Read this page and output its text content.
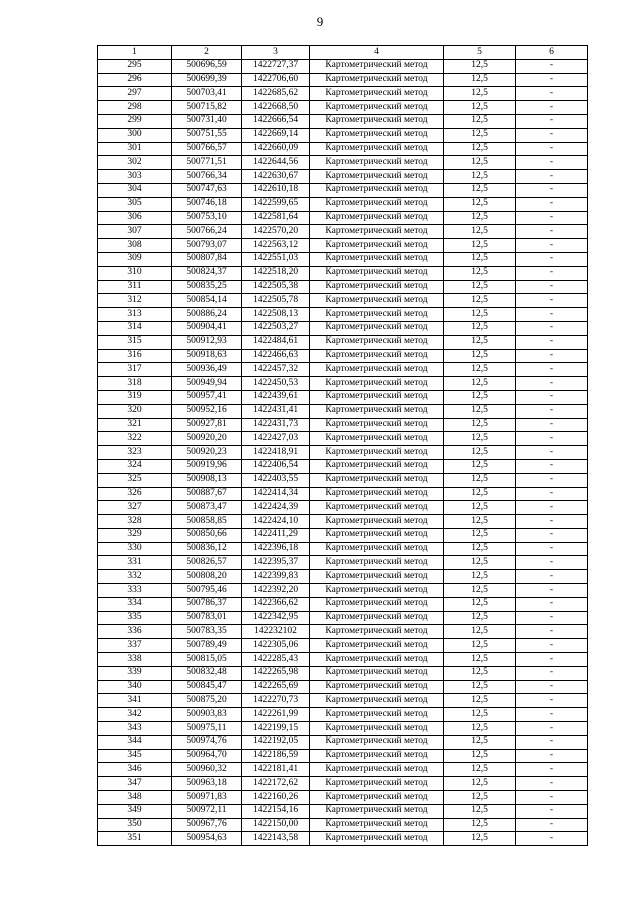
9
1	2	3	4	5	6
295	500696,59	1422727,37	Картометрический метод	12,5	-
296	500699,39	1422706,60	Картометрический метод	12,5	-
297	500703,41	1422685,62	Картометрический метод	12,5	-
298	500715,82	1422668,50	Картометрический метод	12,5	-
299	500731,40	1422666,54	Картометрический метод	12,5	-
300	500751,55	1422669,14	Картометрический метод	12,5	-
301	500766,57	1422660,09	Картометрический метод	12,5	-
302	500771,51	1422644,56	Картометрический метод	12,5	-
303	500766,34	1422630,67	Картометрический метод	12,5	-
304	500747,63	1422610,18	Картометрический метод	12,5	-
305	500746,18	1422599,65	Картометрический метод	12,5	-
306	500753,10	1422581,64	Картометрический метод	12,5	-
307	500766,24	1422570,20	Картометрический метод	12,5	-
308	500793,07	1422563,12	Картометрический метод	12,5	-
309	500807,84	1422551,03	Картометрический метод	12,5	-
310	500824,37	1422518,20	Картометрический метод	12,5	-
311	500835,25	1422505,38	Картометрический метод	12,5	-
312	500854,14	1422505,78	Картометрический метод	12,5	-
313	500886,24	1422508,13	Картометрический метод	12,5	-
314	500904,41	1422503,27	Картометрический метод	12,5	-
315	500912,93	1422484,61	Картометрический метод	12,5	-
316	500918,63	1422466,63	Картометрический метод	12,5	-
317	500936,49	1422457,32	Картометрический метод	12,5	-
318	500949,94	1422450,53	Картометрический метод	12,5	-
319	500957,41	1422439,61	Картометрический метод	12,5	-
320	500952,16	1422431,41	Картометрический метод	12,5	-
321	500927,81	1422431,73	Картометрический метод	12,5	-
322	500920,20	1422427,03	Картометрический метод	12,5	-
323	500920,23	1422418,91	Картометрический метод	12,5	-
324	500919,96	1422406,54	Картометрический метод	12,5	-
325	500908,13	1422403,55	Картометрический метод	12,5	-
326	500887,67	1422414,34	Картометрический метод	12,5	-
327	500873,47	1422424,39	Картометрический метод	12,5	-
328	500858,85	1422424,10	Картометрический метод	12,5	-
329	500850,66	1422411,29	Картометрический метод	12,5	-
330	500836,12	1422396,18	Картометрический метод	12,5	-
331	500826,57	1422395,37	Картометрический метод	12,5	-
332	500808,20	1422399,83	Картометрический метод	12,5	-
333	500795,46	1422392,20	Картометрический метод	12,5	-
334	500786,37	1422366,62	Картометрический метод	12,5	-
335	500783,01	1422342,95	Картометрический метод	12,5	-
336	500783,35	142232102	Картометрический метод	12,5	-
337	500789,49	1422305,06	Картометрический метод	12,5	-
338	500815,05	1422285,43	Картометрический метод	12,5	-
339	500832,48	1422265,98	Картометрический метод	12,5	-
340	500845,47	1422265,69	Картометрический метод	12,5	-
341	500875,20	1422270,73	Картометрический метод	12,5	-
342	500903,83	1422261,99	Картометрический метод	12,5	-
343	500975,11	1422199,15	Картометрический метод	12,5	-
344	500974,76	1422192,05	Картометрический метод	12,5	-
345	500964,70	1422186,59	Картометрический метод	12,5	-
346	500960,32	1422181,41	Картометрический метод	12,5	-
347	500963,18	1422172,62	Картометрический метод	12,5	-
348	500971,83	1422160,26	Картометрический метод	12,5	-
349	500972,11	1422154,16	Картометрический метод	12,5	-
350	500967,76	1422150,00	Картометрический метод	12,5	-
351	500954,63	1422143,58	Картометрический метод	12,5	-
